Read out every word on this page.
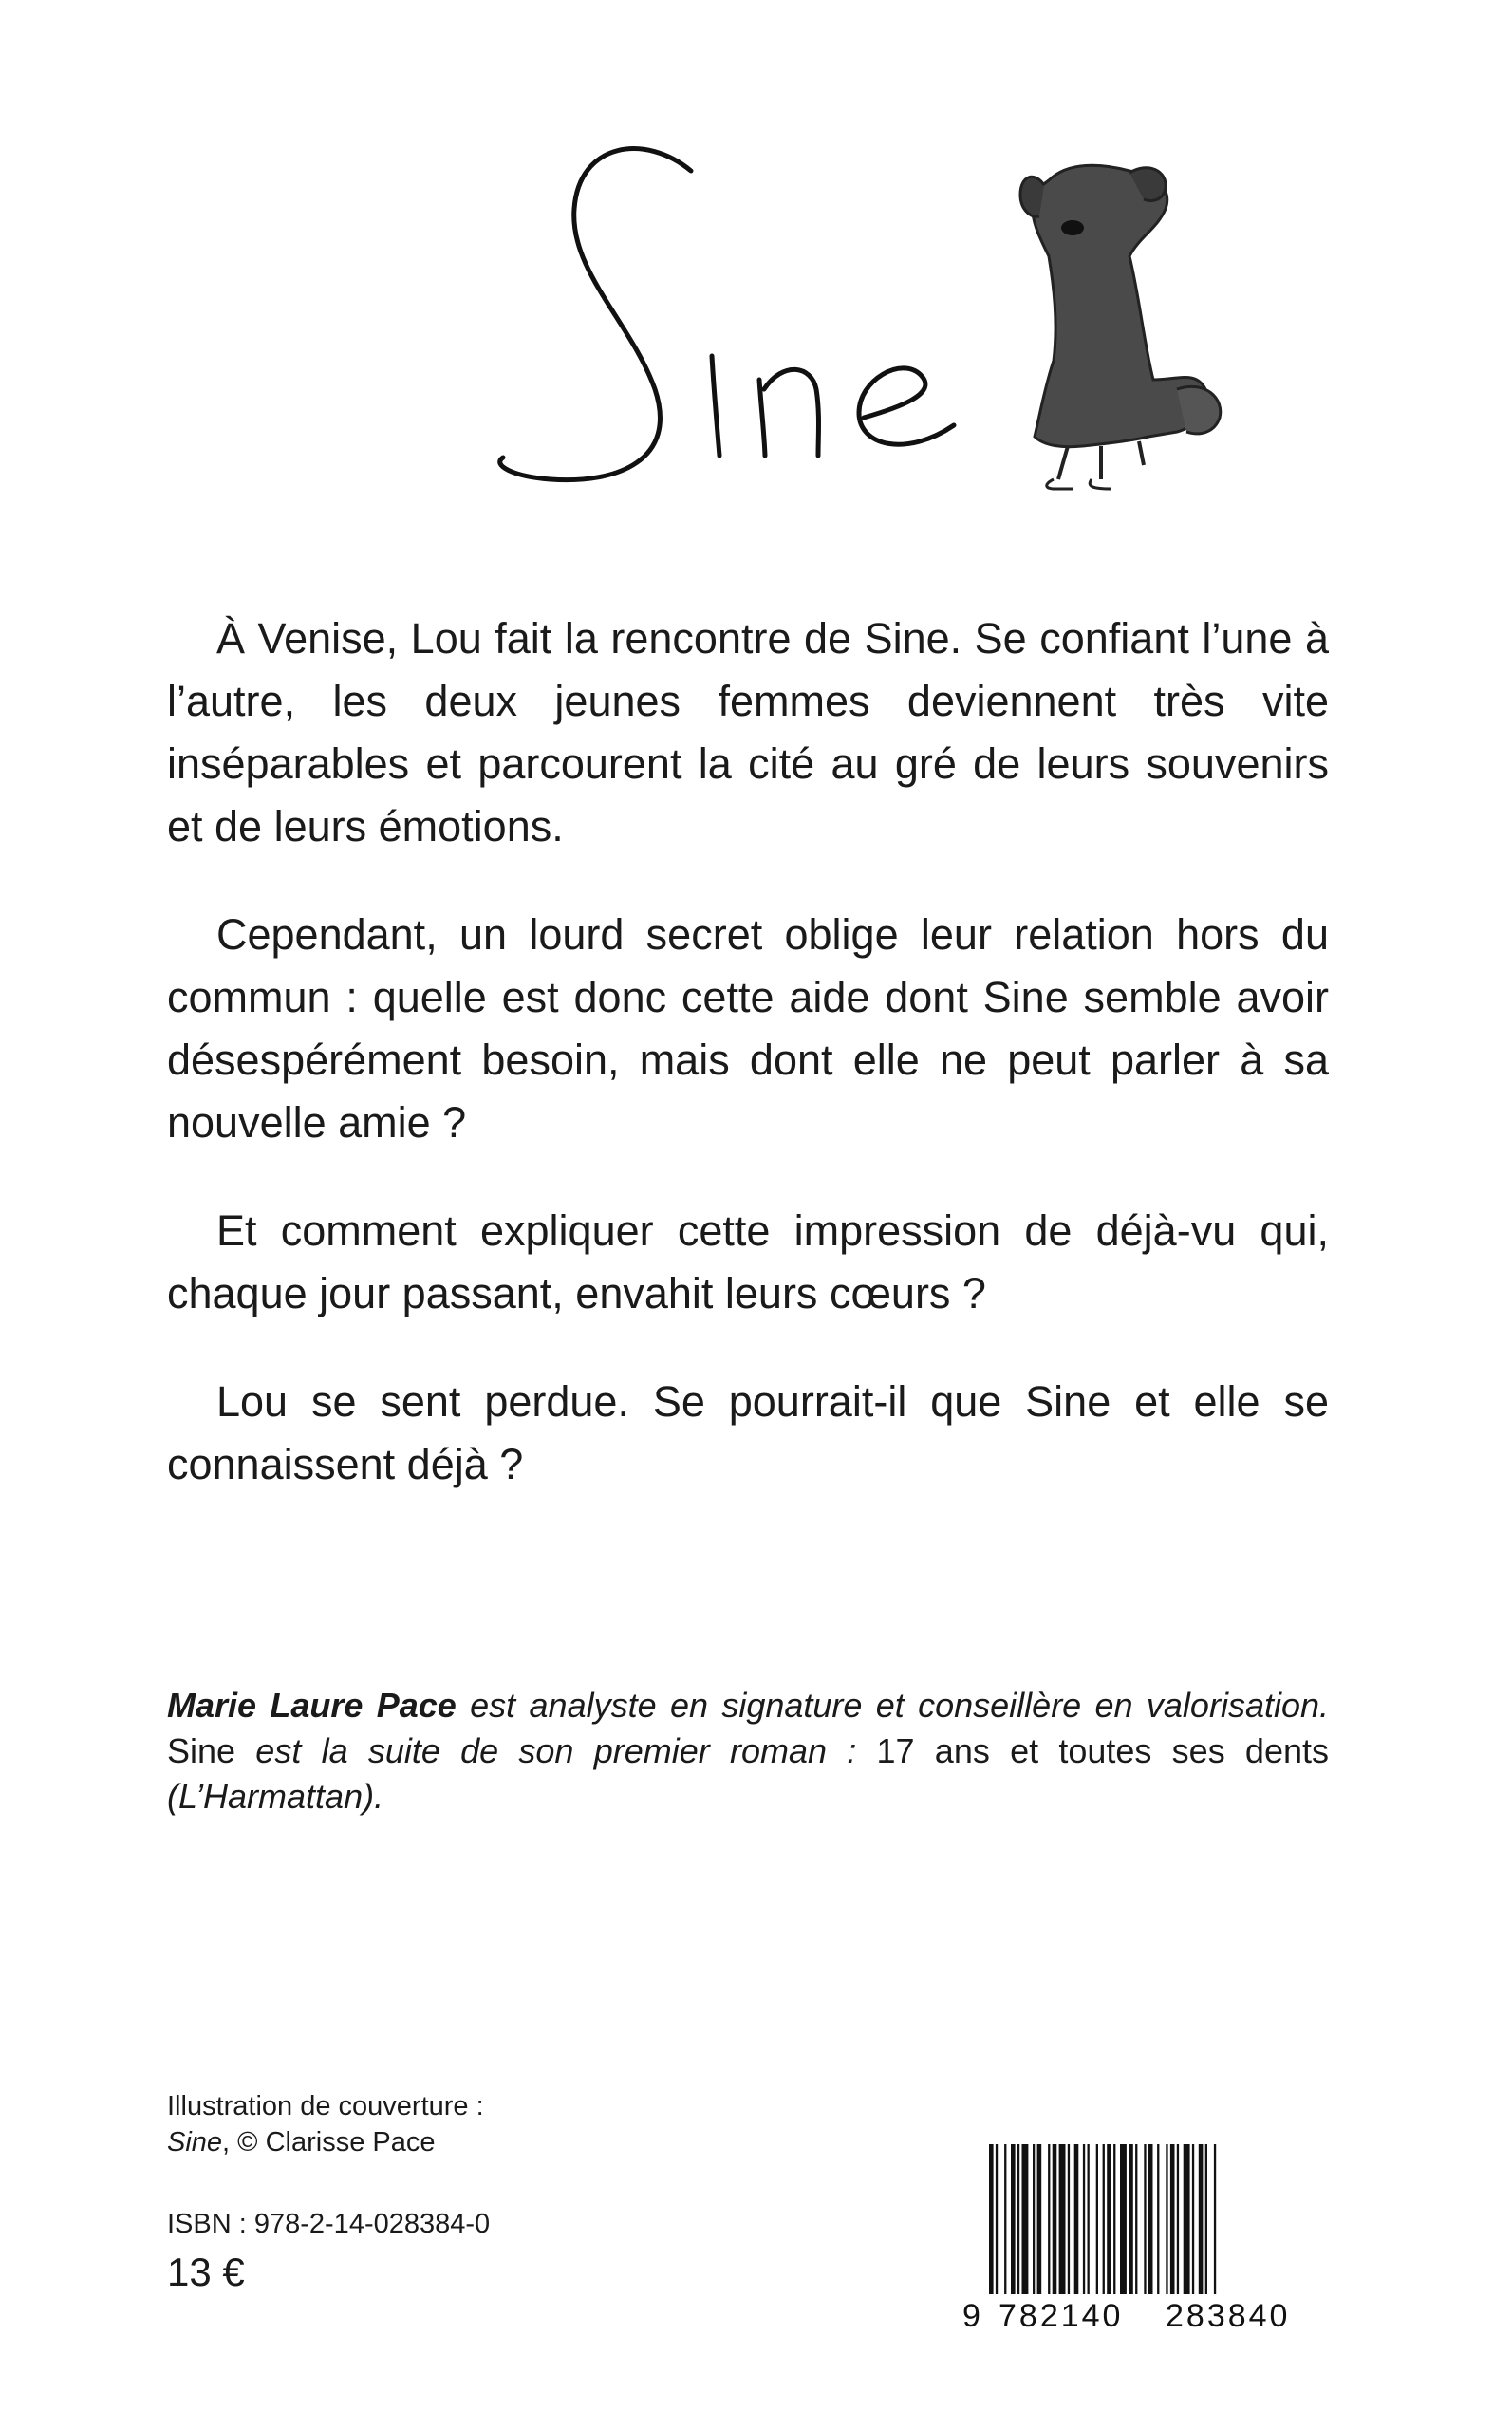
À Venise, Lou fait la rencontre de Sine. Se confiant l’une à l’autre, les deux jeunes femmes deviennent très vite inséparables et parcourent la cité au gré de leurs souvenirs et de leurs émotions.

Cependant, un lourd secret oblige leur relation hors du commun : quelle est donc cette aide dont Sine semble avoir désespérément besoin, mais dont elle ne peut parler à sa nouvelle amie ?

Et comment expliquer cette impression de déjà-vu qui, chaque jour passant, envahit leurs cœurs ?

Lou se sent perdue. Se pourrait-il que Sine et elle se connaissent déjà ?

Marie Laure Pace est analyste en signature et conseillère en valorisation. Sine est la suite de son premier roman : 17 ans et toutes ses dents (L’Harmattan).

Illustration de couverture :
Sine, © Clarisse Pace
ISBN : 978-2-14-028384-0
13 €
9 782140 283840
